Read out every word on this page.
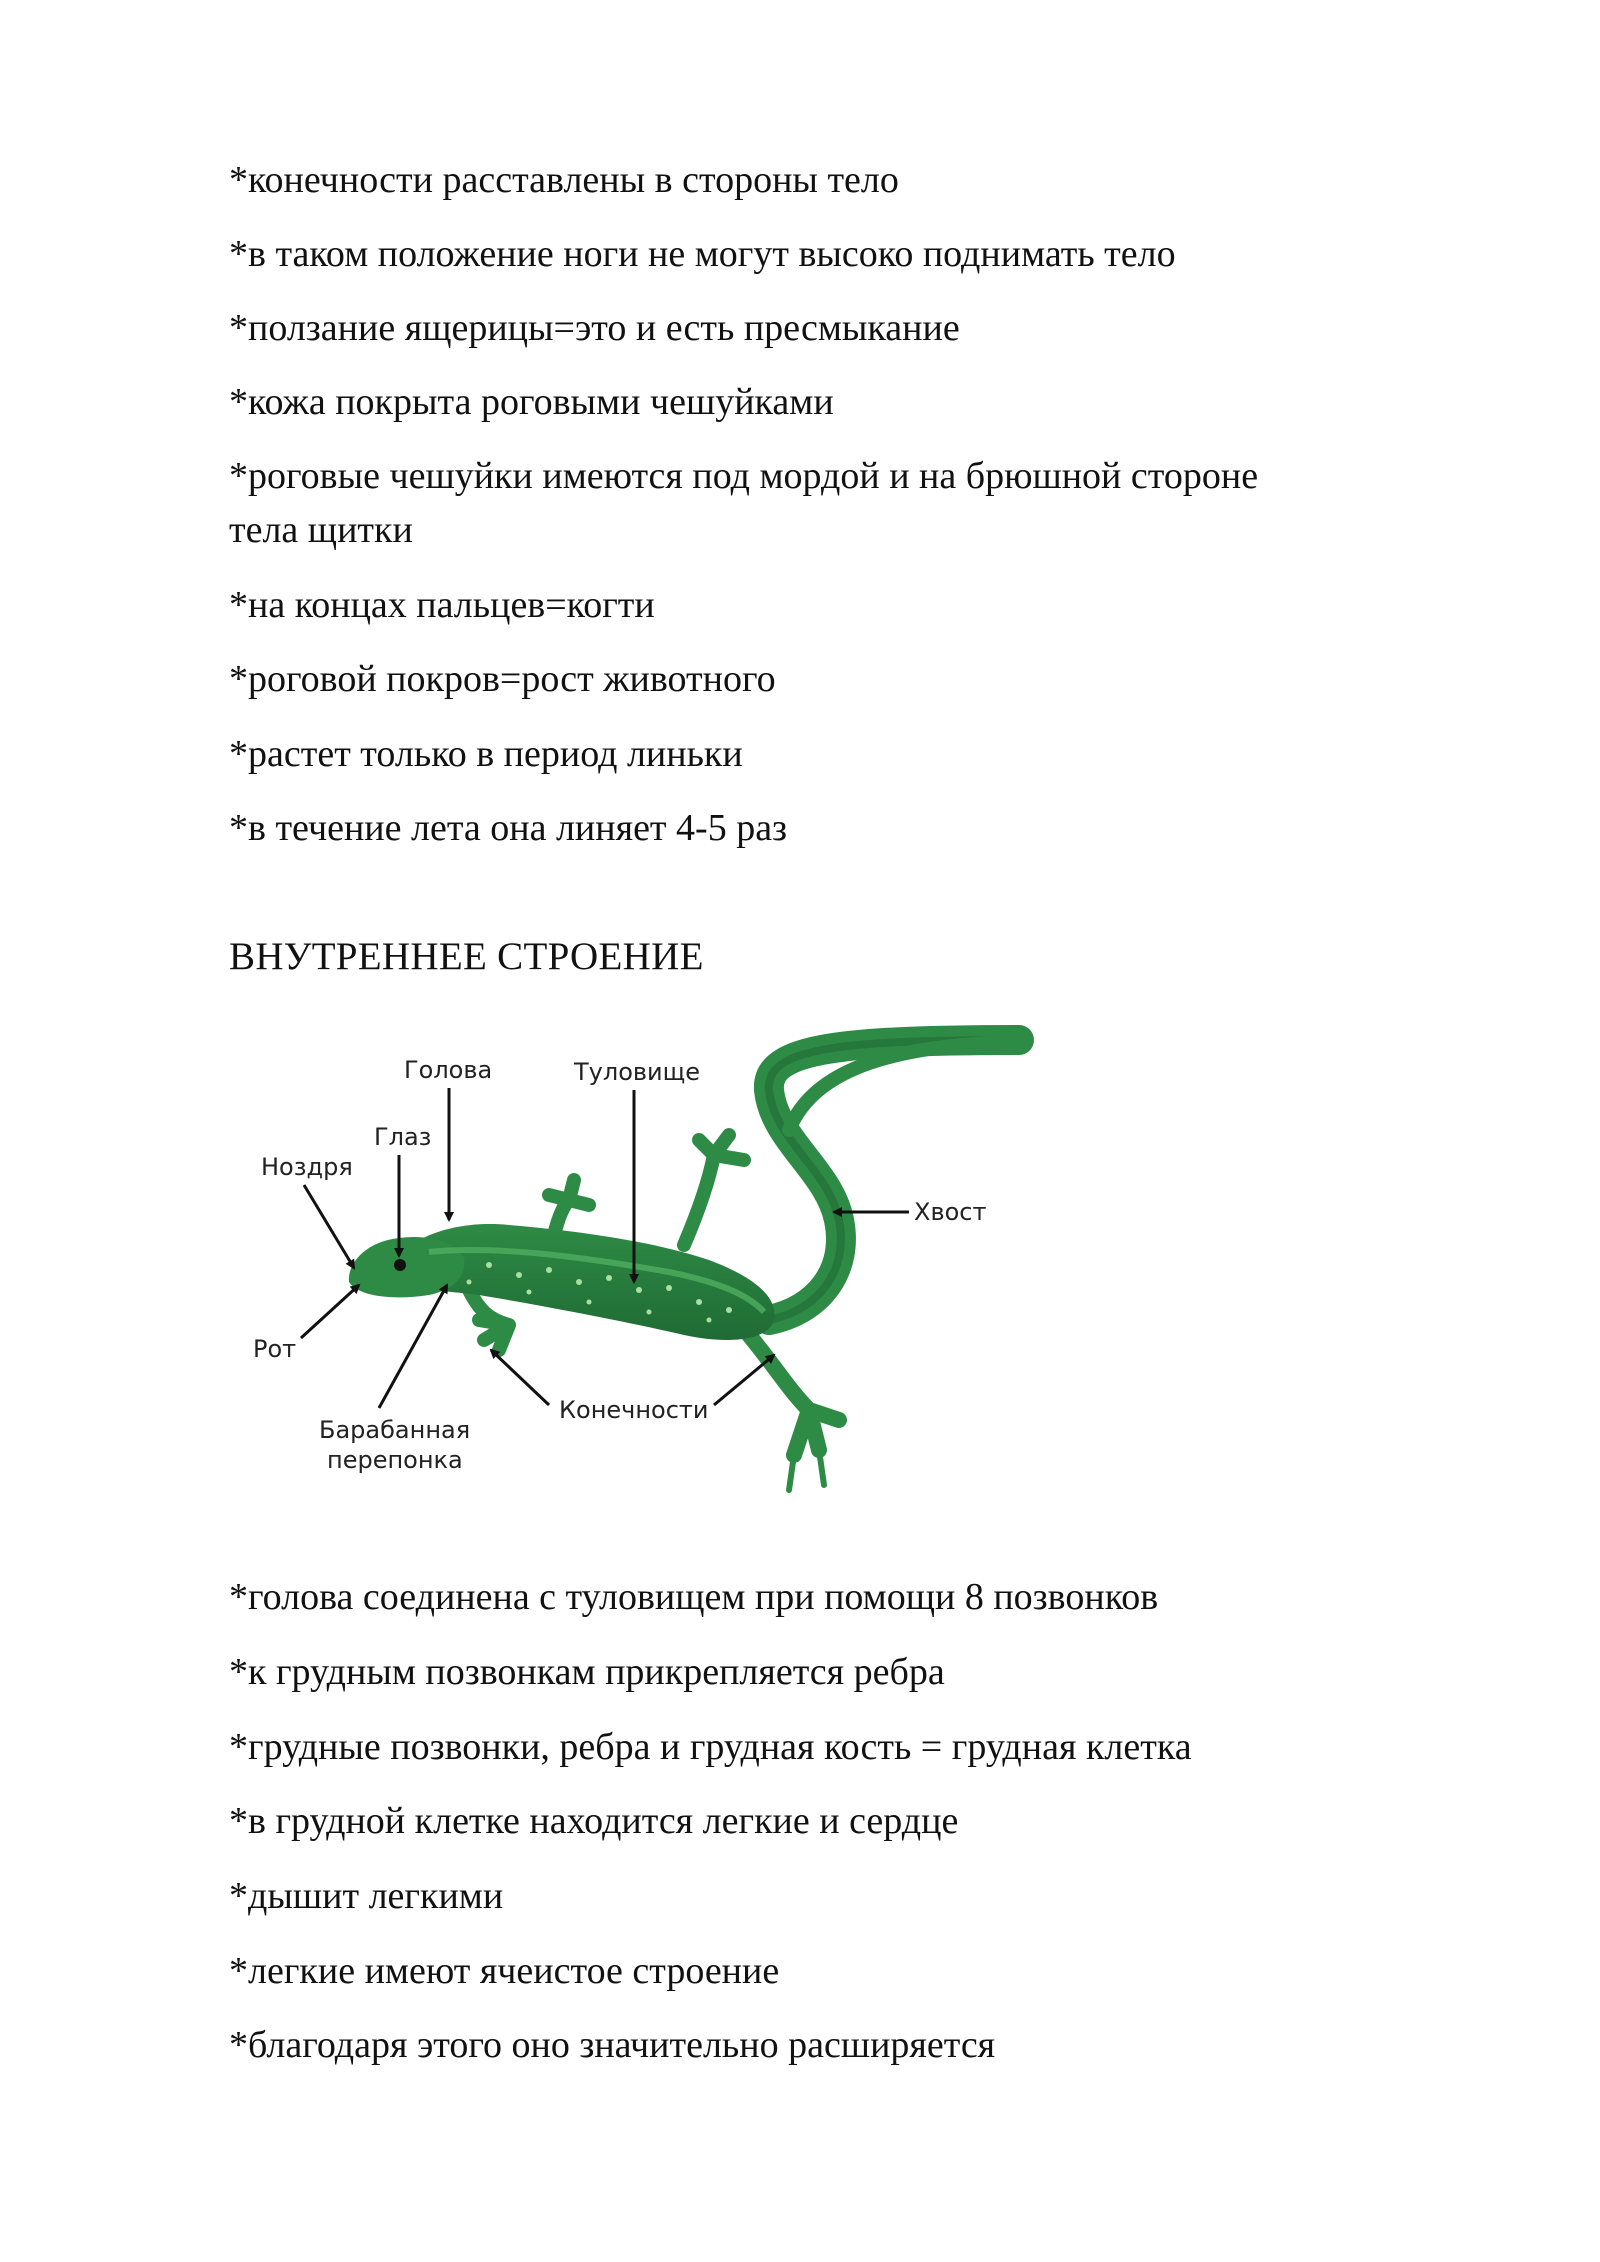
*конечности расставлены в стороны тело

*в таком положение ноги не могут высоко поднимать тело

*ползание ящерицы=это и есть пресмыкание

*кожа покрыта роговыми чешуйками

*роговые чешуйки имеются под мордой и на брюшной стороне

тела щитки

*на концах пальцев=когти

*роговой покров=рост животного

*растет только в период линьки

*в течение лета она линяет 4-5 раз

ВНУТРЕННЕЕ СТРОЕНИЕ
Голова	Туловище
Глаз
Ноздря
Хвост
Рот
Конечности
Барабанная
перепонка

*голова соединена с туловищем при помощи 8 позвонков

*к грудным позвонкам прикрепляется ребра

*грудные позвонки, ребра и грудная кость = грудная клетка

*в грудной клетке находится легкие и сердце

*дышит легкими

*легкие имеют ячеистое строение

*благодаря этого оно значительно расширяется
